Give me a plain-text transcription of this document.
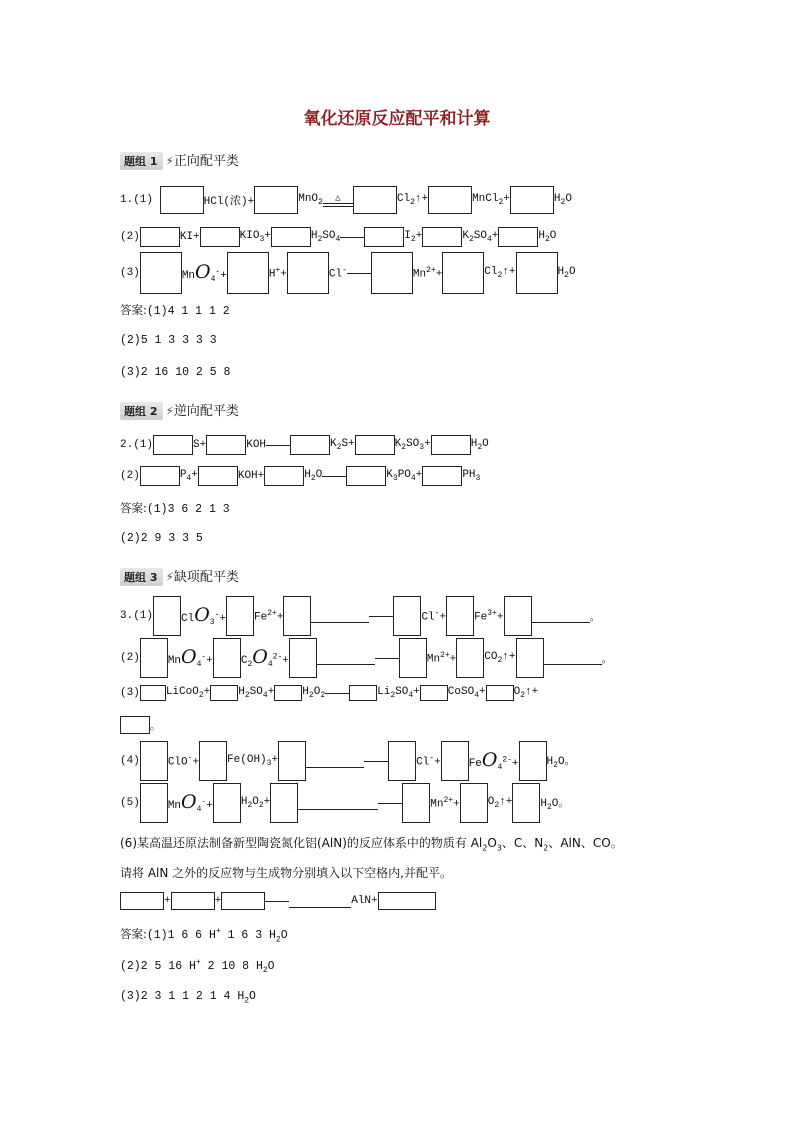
氧化还原反应配平和计算
题组 1 ⚡正向配平类
1.(1)	HCl(浓)+	MnO$_2$△	$Cl_2↑+$	MnCl$_2$+	$H_2O$
(2)	KI+	$KIO_3+$	$H_2SO_4$	$I_2+$	$K_2SO_4+$	$H_2O$
(3)	MnO$_4$-+	H++	Cl-	$Mn^{2+}+$	$Cl_2↑+$	$H_2O$
答案:(1)4 1 1 1 2
(2)5 1 3 3 3 3
(3)2 16 10 2 5 8
题组 2 ⚡逆向配平类
2.(1)	S+	KOH	$K_2S+$	$K_2SO_3+$	$H_2O$
(2)	$P_4+$	KOH+	$H_2O$	$K_3PO_4+$	$PH_3$
答案:(1)3 6 2 1 3
(2)2 9 3 3 5
题组 3 ⚡缺项配平类
3.(1)	ClO$_3$-+	$Fe^{2+}+$	Cl-+	$Fe^{3+}+$	。
(2)	MnO$_4$-+	$C_2O_4^{2-}+$	$Mn^{2+}+$	$CO_2↑+$	。
(3) LiCoO$_2$+	$H_2SO_4+$	$H_2O_2$	$Li_2SO_4+$	CoSO$_4$+	$O_2↑+$
。
(4)	ClO-+	$Fe(OH)_3+$	Cl-+	FeO$_4^{2-}$+	$H_2O$。
(5)	MnO$_4$-+	$H_2O_2+$	$Mn^{2+}+$	$O_2↑+$	$H_2O$。
(6)某高温还原法制备新型陶瓷氮化铝(AlN)的反应体系中的物质有 $Al_2O_3$、C、$N_2$、AlN、CO。
请将 AlN 之外的反应物与生成物分别填入以下空格内,并配平。
+	+	AlN+
答案:(1)1 6 6 H+ 1 6 3 $H_2O$
(2)2 5 16 H+ 2 10 8 $H_2O$
(3)2 3 1 1 2 1 4 $H_2O$
